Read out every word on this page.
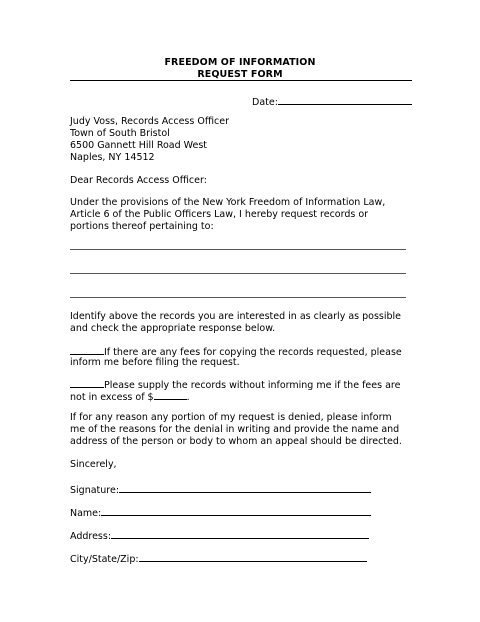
FREEDOM OF INFORMATION
REQUEST FORM
Date:
Judy Voss, Records Access Officer
Town of South Bristol
6500 Gannett Hill Road West
Naples, NY 14512
Dear Records Access Officer:
Under the provisions of the New York Freedom of Information Law,
Article 6 of the Public Officers Law, I hereby request records or
portions thereof pertaining to:
Identify above the records you are interested in as clearly as possible
and check the appropriate response below.
If there are any fees for copying the records requested, please
inform me before filing the request.
Please supply the records without informing me if the fees are
not in excess of $	.
If for any reason any portion of my request is denied, please inform
me of the reasons for the denial in writing and provide the name and
address of the person or body to whom an appeal should be directed.
Sincerely,
Signature:
Name:
Address:
City/State/Zip:
